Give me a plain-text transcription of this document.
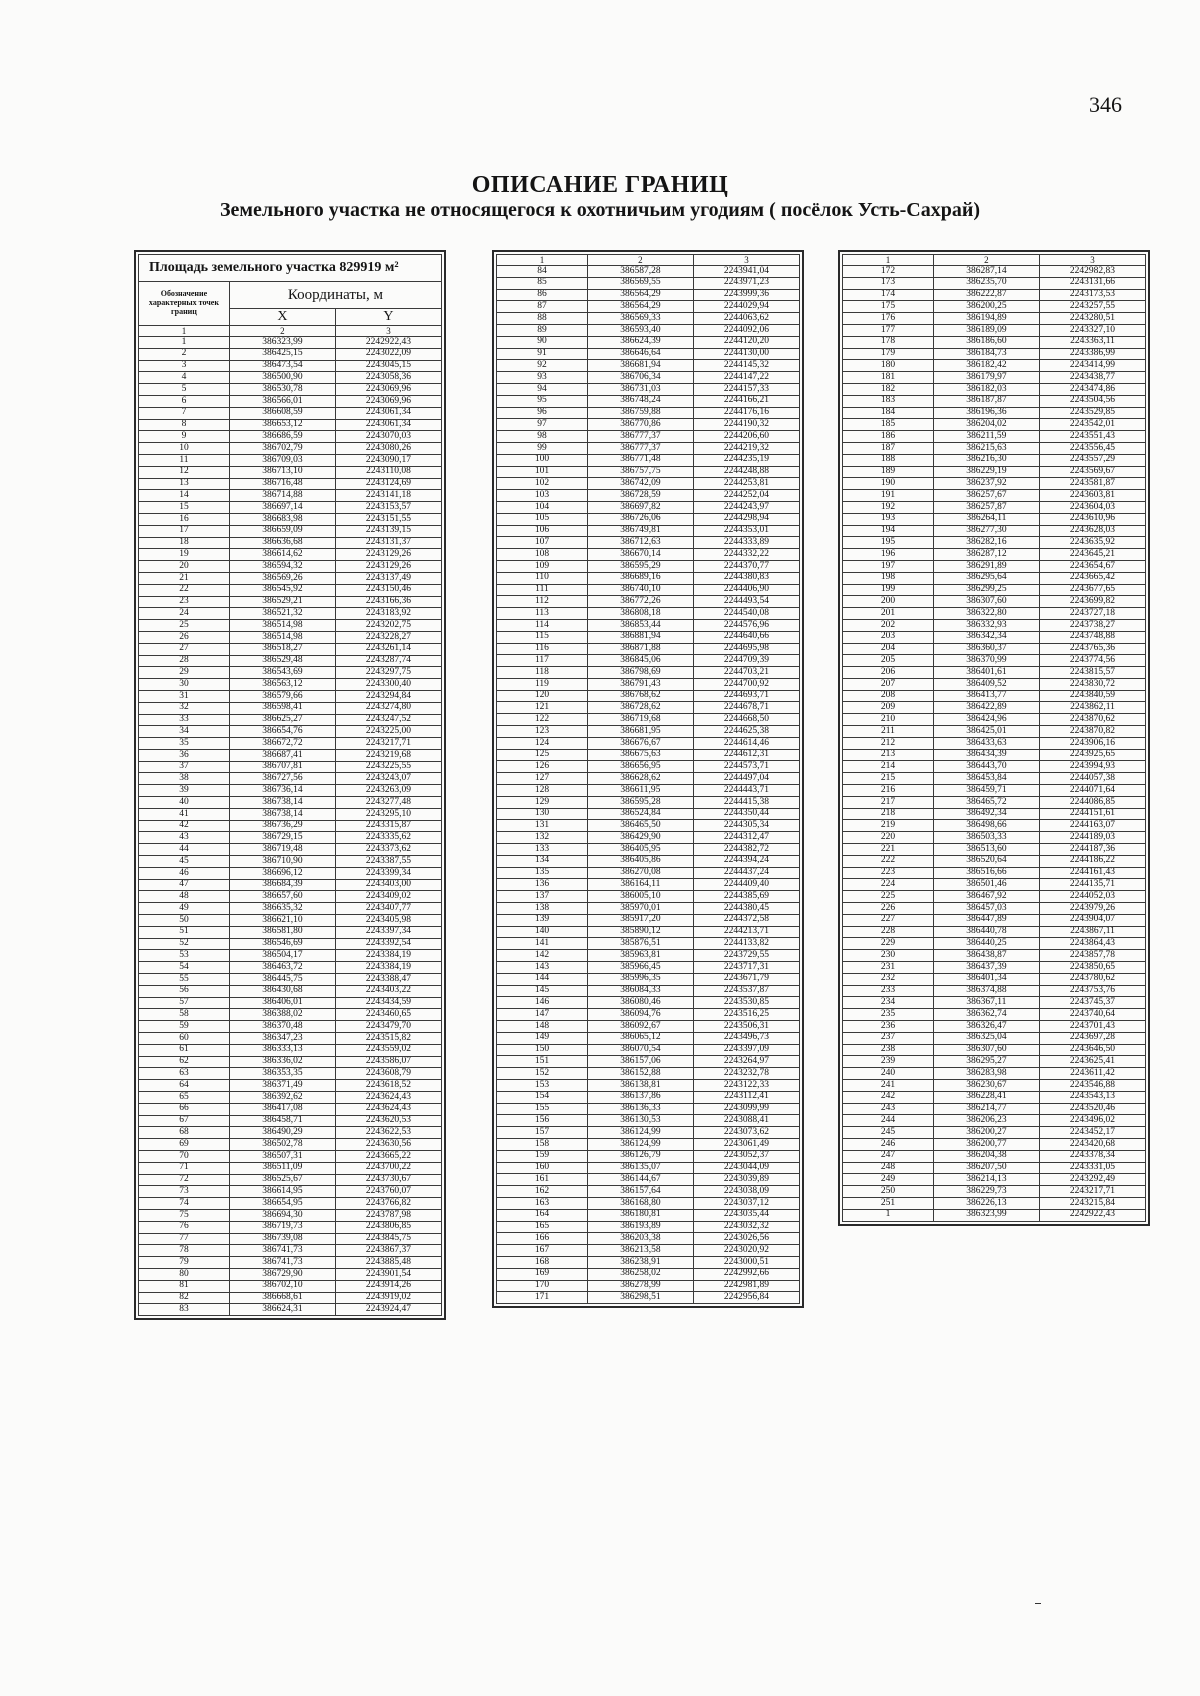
346
ОПИСАНИЕ ГРАНИЦ
Земельного участка не относящегося к охотничьим угодиям ( посёлок Усть-Сахрай)
Площадь земельного участка 829919 м²		
Обозначение характерных точек границ	Координаты, м	
	X	Y
1	2	3
1	386323,99	2242922,43
2	386425,15	2243022,09
3	386473,54	2243045,15
4	386500,90	2243058,36
5	386530,78	2243069,96
6	386566,01	2243069,96
7	386608,59	2243061,34
8	386653,12	2243061,34
9	386686,59	2243070,03
10	386702,79	2243080,26
11	386709,03	2243090,17
12	386713,10	2243110,08
13	386716,48	2243124,69
14	386714,88	2243141,18
15	386697,14	2243153,57
16	386683,98	2243151,55
17	386659,09	2243139,15
18	386636,68	2243131,37
19	386614,62	2243129,26
20	386594,32	2243129,26
21	386569,26	2243137,49
22	386545,92	2243150,46
23	386529,21	2243166,36
24	386521,32	2243183,92
25	386514,98	2243202,75
26	386514,98	2243228,27
27	386518,27	2243261,14
28	386529,48	2243287,74
29	386543,69	2243297,75
30	386563,12	2243300,40
31	386579,66	2243294,84
32	386598,41	2243274,80
33	386625,27	2243247,52
34	386654,76	2243225,00
35	386672,72	2243217,71
36	386687,41	2243219,68
37	386707,81	2243225,55
38	386727,56	2243243,07
39	386736,14	2243263,09
40	386738,14	2243277,48
41	386738,14	2243295,10
42	386736,29	2243315,87
43	386729,15	2243335,62
44	386719,48	2243373,62
45	386710,90	2243387,55
46	386696,12	2243399,34
47	386684,39	2243403,00
48	386657,60	2243409,02
49	386635,32	2243407,77
50	386621,10	2243405,98
51	386581,80	2243397,34
52	386546,69	2243392,54
53	386504,17	2243384,19
54	386463,72	2243384,19
55	386445,75	2243388,47
56	386430,68	2243403,22
57	386406,01	2243434,59
58	386388,02	2243460,65
59	386370,48	2243479,70
60	386347,23	2243515,82
61	386333,13	2243559,02
62	386336,02	2243586,07
63	386353,35	2243608,79
64	386371,49	2243618,52
65	386392,62	2243624,43
66	386417,08	2243624,43
67	386458,71	2243620,53
68	386490,29	2243622,53
69	386502,78	2243630,56
70	386507,31	2243665,22
71	386511,09	2243700,22
72	386525,67	2243730,67
73	386614,95	2243760,07
74	386654,95	2243766,82
75	386694,30	2243787,98
76	386719,73	2243806,85
77	386739,08	2243845,75
78	386741,73	2243867,37
79	386741,73	2243885,48
80	386729,90	2243901,54
81	386702,10	2243914,26
82	386668,61	2243919,02
83	386624,31	2243924,47
1	2	3
84	386587,28	2243941,04
85	386569,55	2243971,23
86	386564,29	2243999,36
87	386564,29	2244029,94
88	386569,33	2244063,62
89	386593,40	2244092,06
90	386624,39	2244120,20
91	386646,64	2244130,00
92	386681,94	2244145,32
93	386706,34	2244147,22
94	386731,03	2244157,33
95	386748,24	2244166,21
96	386759,88	2244176,16
97	386770,86	2244190,32
98	386777,37	2244206,60
99	386777,37	2244219,32
100	386771,48	2244235,19
101	386757,75	2244248,88
102	386742,09	2244253,81
103	386728,59	2244252,04
104	386697,82	2244243,97
105	386726,06	2244298,94
106	386749,81	2244353,01
107	386712,63	2244333,89
108	386670,14	2244332,22
109	386595,29	2244370,77
110	386689,16	2244380,83
111	386740,10	2244406,90
112	386772,26	2244493,54
113	386808,18	2244540,08
114	386853,44	2244576,96
115	386881,94	2244640,66
116	386871,88	2244695,98
117	386845,06	2244709,39
118	386798,69	2244703,21
119	386791,43	2244700,92
120	386768,62	2244693,71
121	386728,62	2244678,71
122	386719,68	2244668,50
123	386681,95	2244625,38
124	386676,67	2244614,46
125	386675,63	2244612,31
126	386656,95	2244573,71
127	386628,62	2244497,04
128	386611,95	2244443,71
129	386595,28	2244415,38
130	386524,84	2244350,44
131	386465,50	2244305,34
132	386429,90	2244312,47
133	386405,95	2244382,72
134	386405,86	2244394,24
135	386270,08	2244437,24
136	386164,11	2244409,40
137	386005,10	2244385,69
138	385970,01	2244380,45
139	385917,20	2244372,58
140	385890,12	2244213,71
141	385876,51	2244133,82
142	385963,81	2243729,55
143	385966,45	2243717,31
144	385996,35	2243671,79
145	386084,33	2243537,87
146	386080,46	2243530,85
147	386094,76	2243516,25
148	386092,67	2243506,31
149	386065,12	2243496,73
150	386070,54	2243397,09
151	386157,06	2243264,97
152	386152,88	2243232,78
153	386138,81	2243122,33
154	386137,86	2243112,41
155	386136,33	2243099,99
156	386130,53	2243088,41
157	386124,99	2243073,62
158	386124,99	2243061,49
159	386126,79	2243052,37
160	386135,07	2243044,09
161	386144,67	2243039,89
162	386157,64	2243038,09
163	386168,80	2243037,12
164	386180,81	2243035,44
165	386193,89	2243032,32
166	386203,38	2243026,56
167	386213,58	2243020,92
168	386238,91	2243000,51
169	386258,02	2242992,66
170	386278,99	2242981,89
171	386298,51	2242956,84
1	2	3
172	386287,14	2242982,83
173	386235,70	2243131,66
174	386222,87	2243173,53
175	386200,25	2243257,55
176	386194,89	2243280,51
177	386189,09	2243327,10
178	386186,60	2243363,11
179	386184,73	2243386,99
180	386182,42	2243414,99
181	386179,97	2243438,77
182	386182,03	2243474,86
183	386187,87	2243504,56
184	386196,36	2243529,85
185	386204,02	2243542,01
186	386211,59	2243551,43
187	386215,63	2243556,45
188	386216,30	2243557,29
189	386229,19	2243569,67
190	386237,92	2243581,87
191	386257,67	2243603,81
192	386257,87	2243604,03
193	386264,11	2243610,96
194	386277,30	2243628,03
195	386282,16	2243635,92
196	386287,12	2243645,21
197	386291,89	2243654,67
198	386295,64	2243665,42
199	386299,25	2243677,65
200	386307,60	2243699,82
201	386322,80	2243727,18
202	386332,93	2243738,27
203	386342,34	2243748,88
204	386360,37	2243765,36
205	386370,99	2243774,56
206	386401,61	2243815,57
207	386409,52	2243830,72
208	386413,77	2243840,59
209	386422,89	2243862,11
210	386424,96	2243870,62
211	386425,01	2243870,82
212	386433,63	2243906,16
213	386434,39	2243925,65
214	386443,70	2243994,93
215	386453,84	2244057,38
216	386459,71	2244071,64
217	386465,72	2244086,85
218	386492,34	2244151,61
219	386498,66	2244163,07
220	386503,33	2244189,03
221	386513,60	2244187,36
222	386520,64	2244186,22
223	386516,66	2244161,43
224	386501,46	2244135,71
225	386467,92	2244052,03
226	386457,03	2243979,26
227	386447,89	2243904,07
228	386440,78	2243867,11
229	386440,25	2243864,43
230	386438,87	2243857,78
231	386437,39	2243850,65
232	386401,34	2243780,62
233	386374,88	2243753,76
234	386367,11	2243745,37
235	386362,74	2243740,64
236	386326,47	2243701,43
237	386325,04	2243697,28
238	386307,60	2243646,50
239	386295,27	2243625,41
240	386283,98	2243611,42
241	386230,67	2243546,88
242	386228,41	2243543,13
243	386214,77	2243520,46
244	386206,23	2243496,02
245	386200,27	2243452,17
246	386200,77	2243420,68
247	386204,38	2243378,34
248	386207,50	2243331,05
249	386214,13	2243292,49
250	386229,73	2243217,71
251	386226,13	2243215,84
1	386323,99	2242922,43
